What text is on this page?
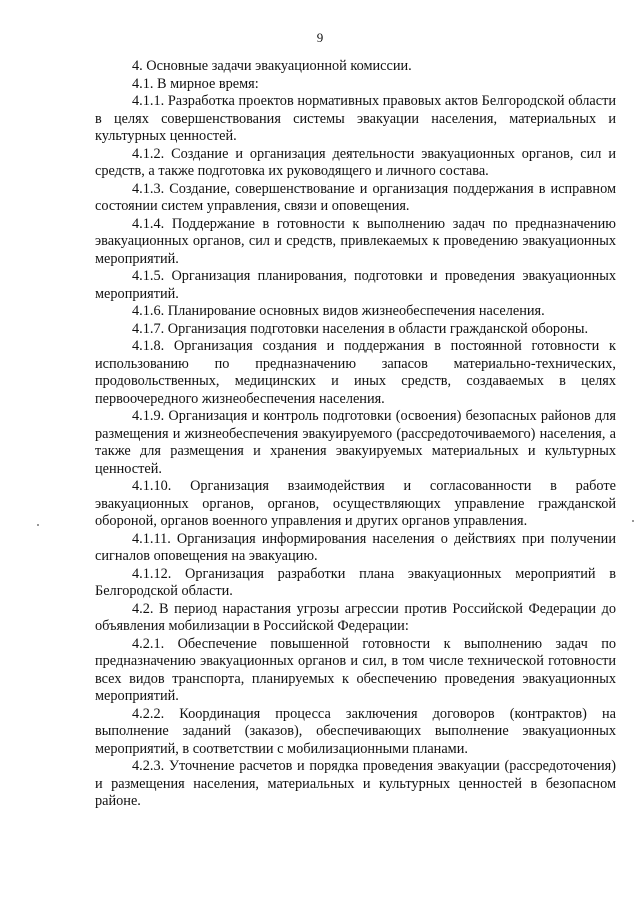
9

4. Основные задачи эвакуационной комиссии.

4.1. В мирное время:

4.1.1. Разработка проектов нормативных правовых актов Белгородской области в целях совершенствования системы эвакуации населения, материальных и культурных ценностей.

4.1.2. Создание и организация деятельности эвакуационных органов, сил и средств, а также подготовка их руководящего и личного состава.

4.1.3. Создание, совершенствование и организация поддержания в исправном состоянии систем управления, связи и оповещения.

4.1.4. Поддержание в готовности к выполнению задач по предназначению эвакуационных органов, сил и средств, привлекаемых к проведению эвакуационных мероприятий.

4.1.5. Организация планирования, подготовки и проведения эвакуационных мероприятий.

4.1.6. Планирование основных видов жизнеобеспечения населения.

4.1.7. Организация подготовки населения в области гражданской обороны.

4.1.8. Организация создания и поддержания в постоянной готовности к использованию по предназначению запасов материально-технических, продовольственных, медицинских и иных средств, создаваемых в целях первоочередного жизнеобеспечения населения.

4.1.9. Организация и контроль подготовки (освоения) безопасных районов для размещения и жизнеобеспечения эвакуируемого (рассредоточиваемого) населения, а также для размещения и хранения эвакуируемых материальных и культурных ценностей.

4.1.10. Организация взаимодействия и согласованности в работе эвакуационных органов, органов, осуществляющих управление гражданской обороной, органов военного управления и других органов управления.

4.1.11. Организация информирования населения о действиях при получении сигналов оповещения на эвакуацию.

4.1.12. Организация разработки плана эвакуационных мероприятий в Белгородской области.

4.2. В период нарастания угрозы агрессии против Российской Федерации до объявления мобилизации в Российской Федерации:

4.2.1. Обеспечение повышенной готовности к выполнению задач по предназначению эвакуационных органов и сил, в том числе технической готовности всех видов транспорта, планируемых к обеспечению проведения эвакуационных мероприятий.

4.2.2. Координация процесса заключения договоров (контрактов) на выполнение заданий (заказов), обеспечивающих выполнение эвакуационных мероприятий, в соответствии с мобилизационными планами.

4.2.3. Уточнение расчетов и порядка проведения эвакуации (рассредоточения) и размещения населения, материальных и культурных ценностей в безопасном районе.
